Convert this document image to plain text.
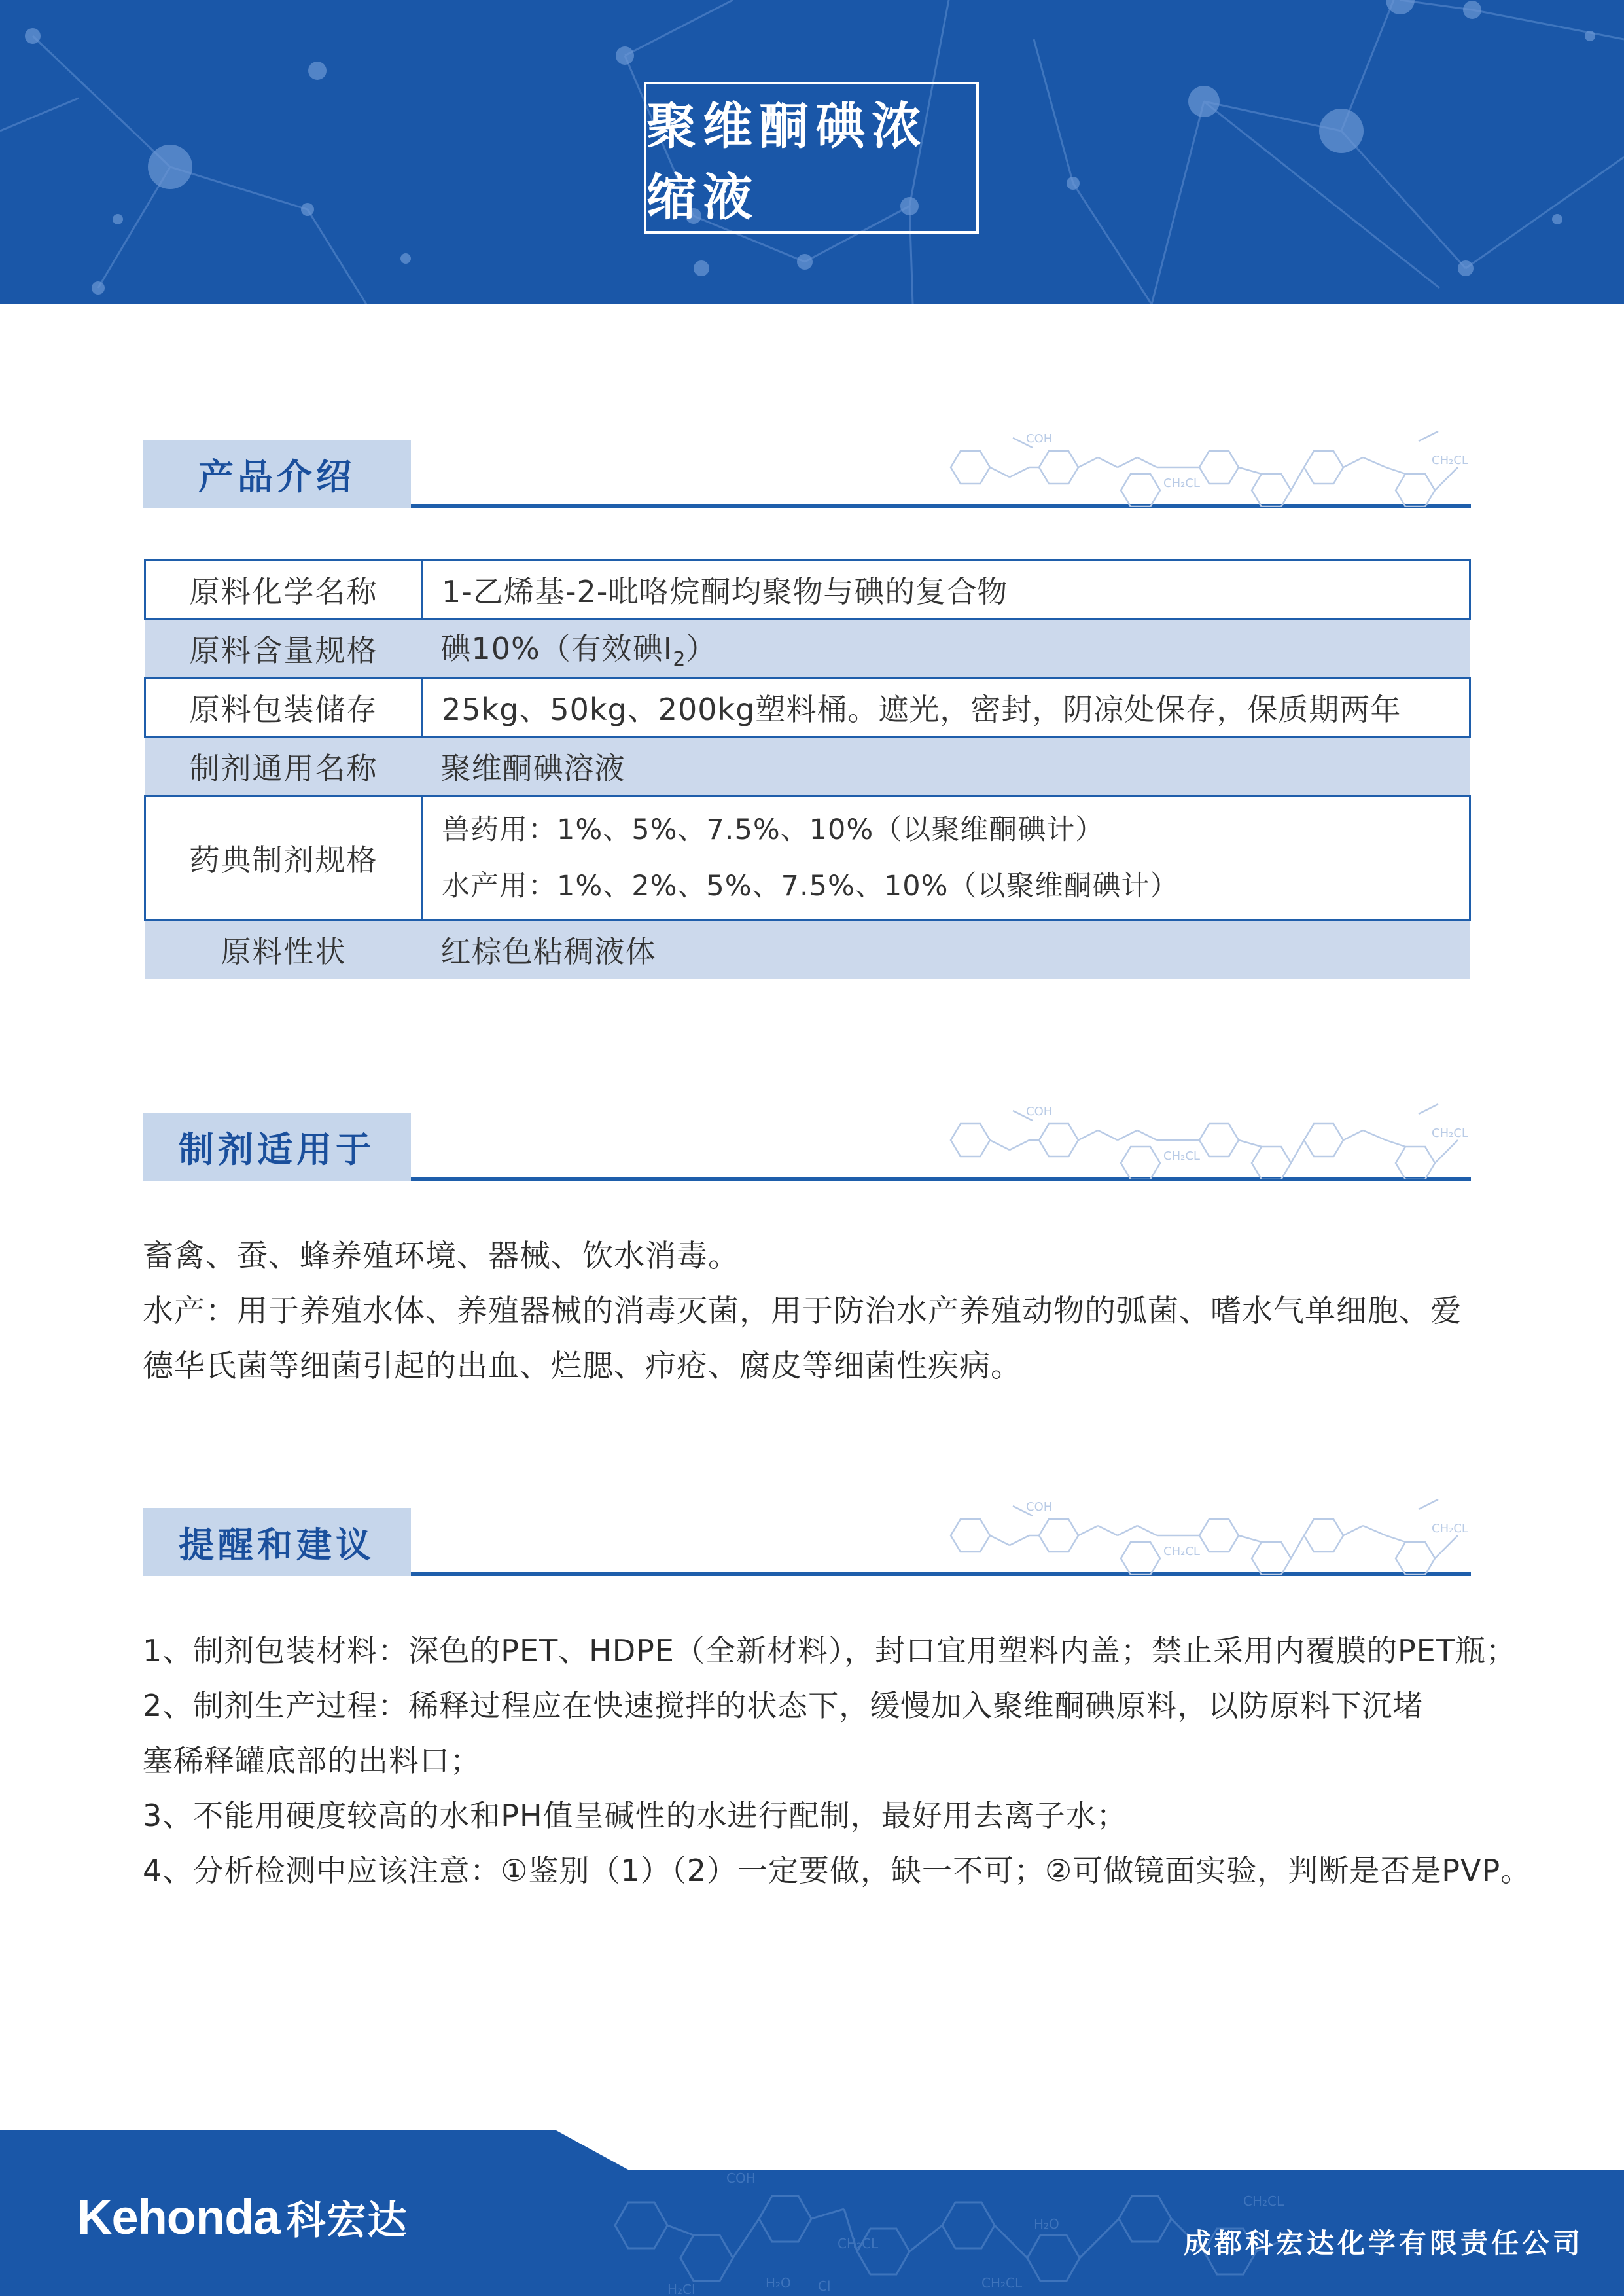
聚维酮碘浓缩液
产品介绍
COH
CH₂CL
CH₂CL
原料化学名称	1-乙烯基-2-吡咯烷酮均聚物与碘的复合物
原料含量规格	碘10%（有效碘$I_2$）
原料包装储存	25kg、50kg、200kg塑料桶。遮光，密封，阴凉处保存，保质期两年
制剂通用名称	聚维酮碘溶液
药典制剂规格	兽药用：1%、5%、7.5%、10%（以聚维酮碘计）
水产用：1%、2%、5%、7.5%、10%（以聚维酮碘计）

原料性状	红棕色粘稠液体
制剂适用于
COH
CH₂CL
CH₂CL

畜禽、蚕、蜂养殖环境、器械、饮水消毒。

水产：用于养殖水体、养殖器械的消毒灭菌，用于防治水产养殖动物的弧菌、嗜水气单细胞、爱

德华氏菌等细菌引起的出血、烂腮、疖疮、腐皮等细菌性疾病。

提醒和建议
COH
CH₂CL
CH₂CL

1、制剂包装材料：深色的PET、HDPE（全新材料），封口宜用塑料内盖；禁止采用内覆膜的PET瓶；

2、制剂生产过程：稀释过程应在快速搅拌的状态下，缓慢加入聚维酮碘原料，以防原料下沉堵

塞稀释罐底部的出料口；

3、不能用硬度较高的水和PH值呈碱性的水进行配制，最好用去离子水；

4、分析检测中应该注意：①鉴别（1）（2）一定要做，缺一不可；②可做镜面实验，判断是否是PVP。

COH
CH₂CL
H₂O Cl
H₂Cl	CH₂CL
H₂O
CH₂CL
Kehonda 科宏达	成都科宏达化学有限责任公司
